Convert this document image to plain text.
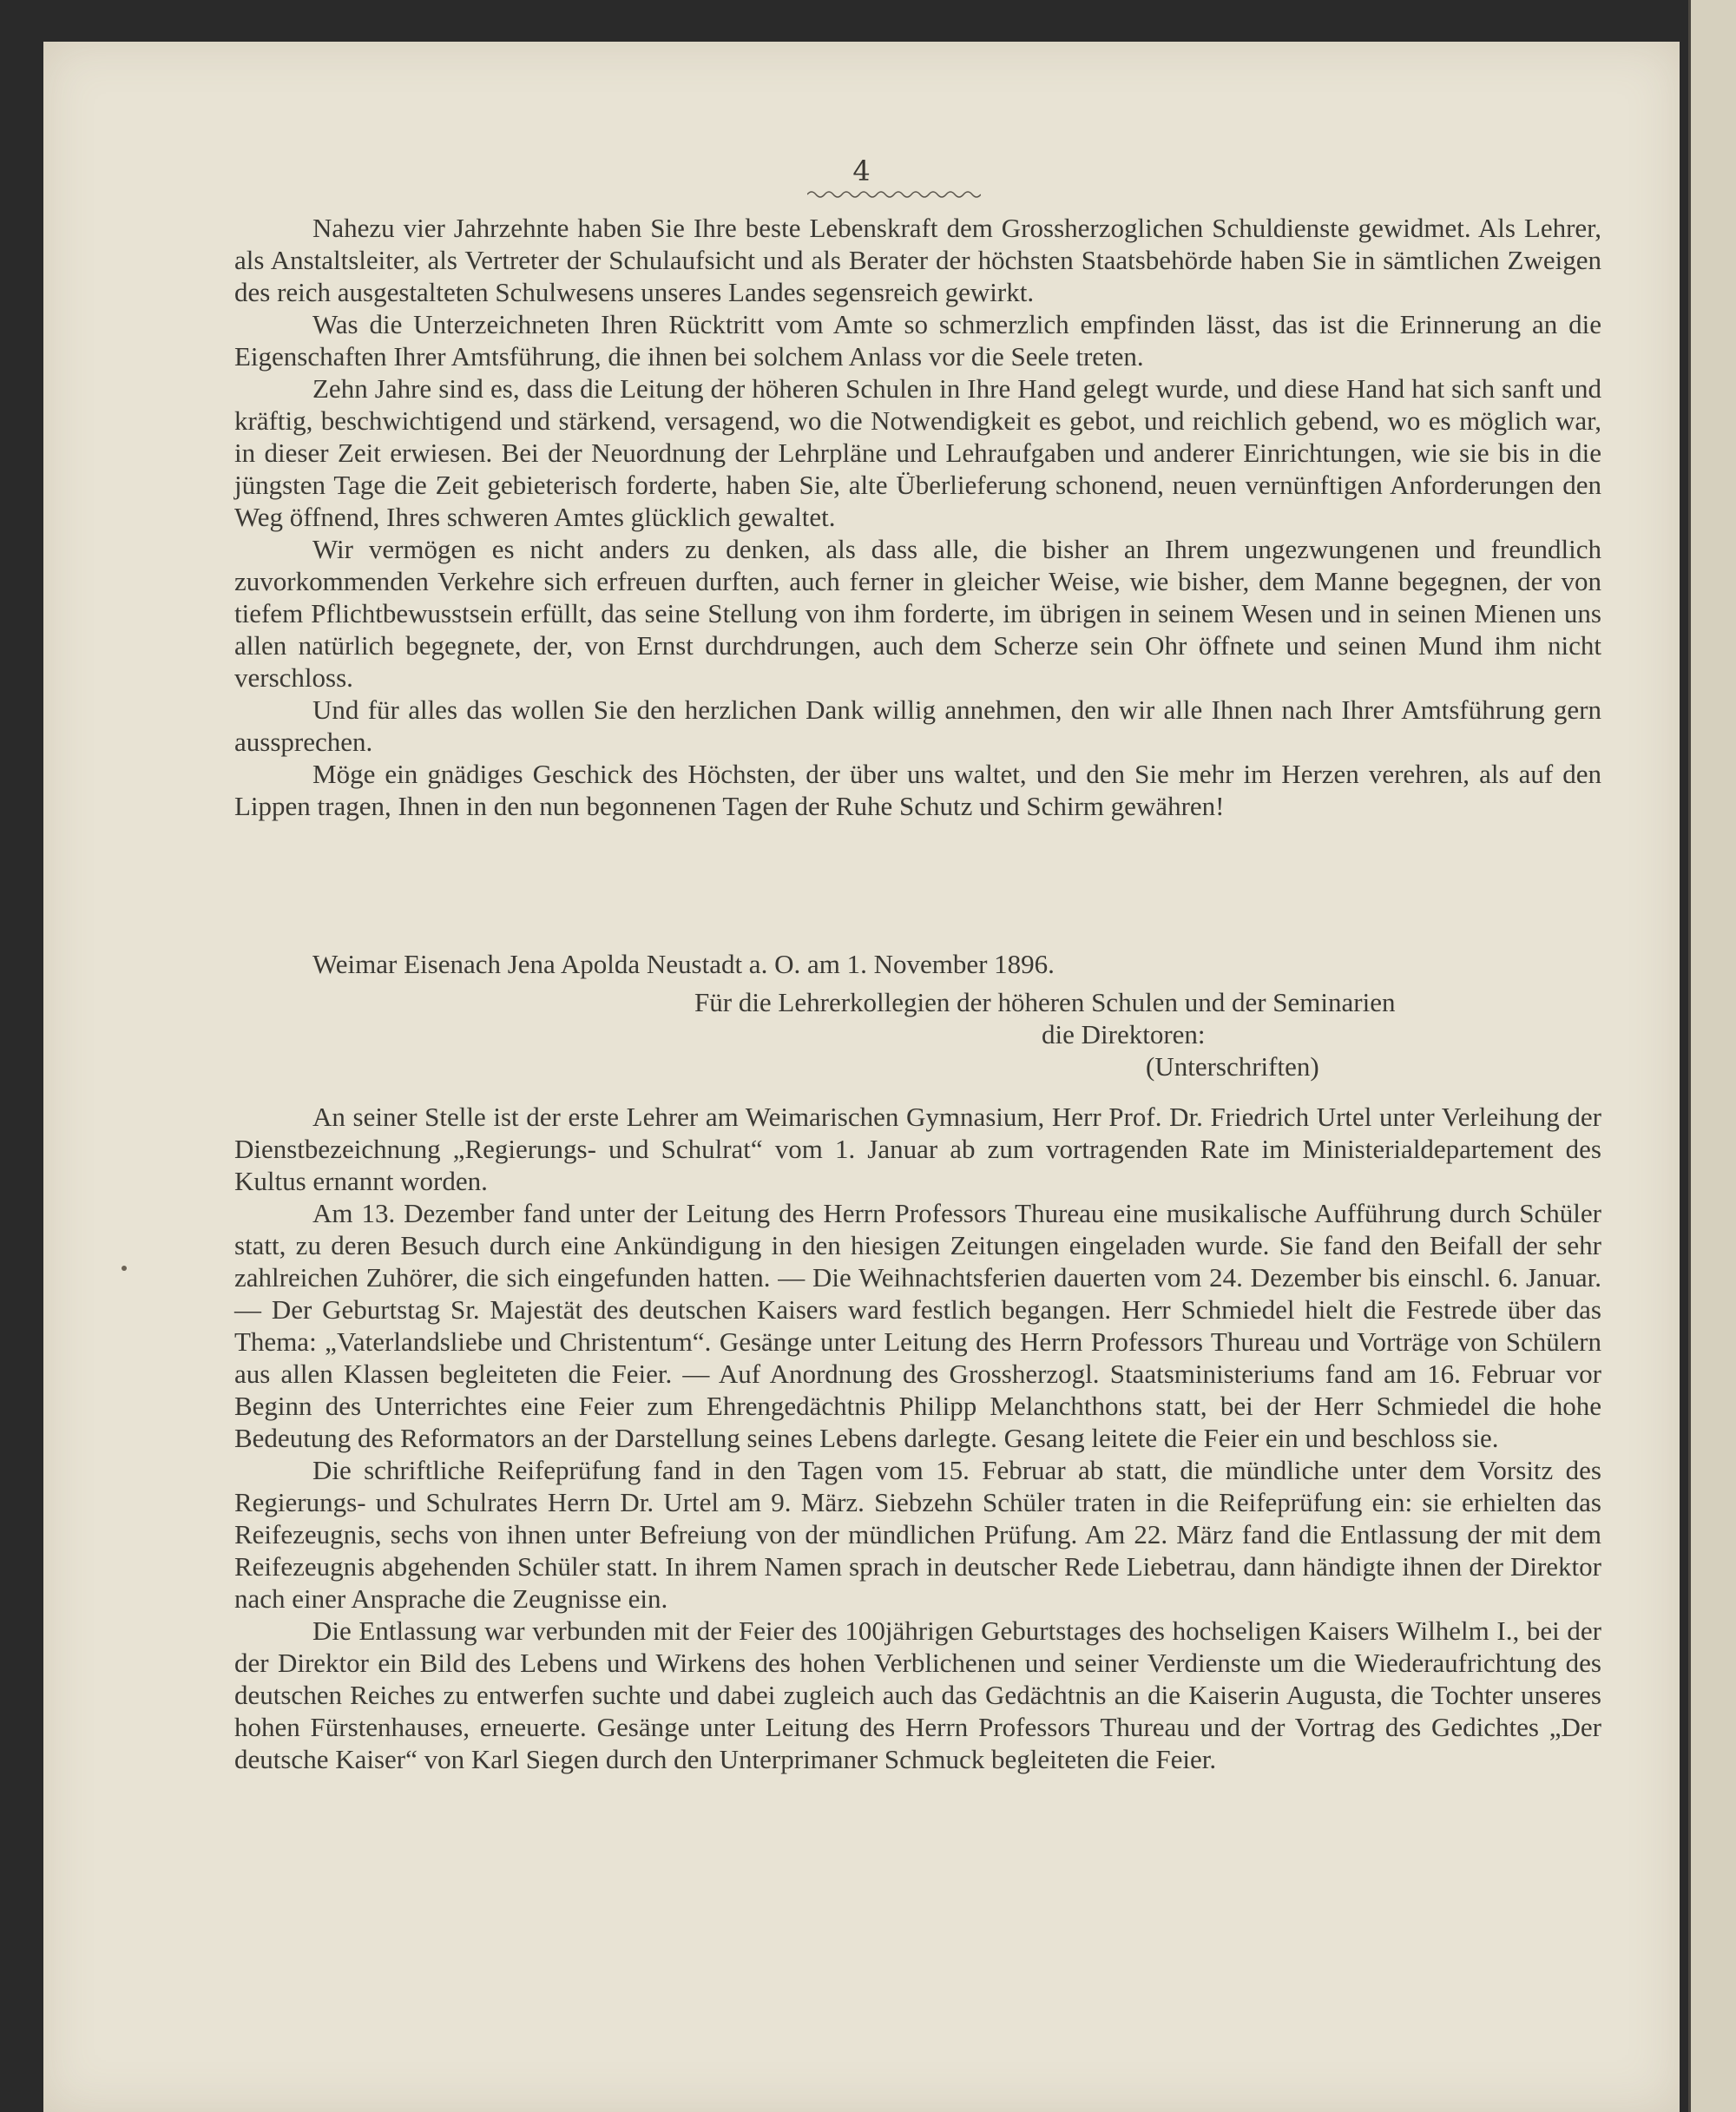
4

Nahezu vier Jahrzehnte haben Sie Ihre beste Lebenskraft dem Grossherzoglichen Schuldienste gewidmet. Als Lehrer, als Anstaltsleiter, als Vertreter der Schulaufsicht und als Berater der höchsten Staatsbehörde haben Sie in sämtlichen Zweigen des reich ausgestalteten Schulwesens unseres Landes segensreich gewirkt.

Was die Unterzeichneten Ihren Rücktritt vom Amte so schmerzlich empfinden lässt, das ist die Erinnerung an die Eigenschaften Ihrer Amtsführung, die ihnen bei solchem Anlass vor die Seele treten.

Zehn Jahre sind es, dass die Leitung der höheren Schulen in Ihre Hand gelegt wurde, und diese Hand hat sich sanft und kräftig, beschwichtigend und stärkend, versagend, wo die Notwendigkeit es gebot, und reichlich gebend, wo es möglich war, in dieser Zeit erwiesen. Bei der Neuordnung der Lehrpläne und Lehraufgaben und anderer Einrichtungen, wie sie bis in die jüngsten Tage die Zeit gebieterisch forderte, haben Sie, alte Überlieferung schonend, neuen vernünftigen Anforderungen den Weg öffnend, Ihres schweren Amtes glücklich gewaltet.

Wir vermögen es nicht anders zu denken, als dass alle, die bisher an Ihrem ungezwungenen und freundlich zuvorkommenden Verkehre sich erfreuen durften, auch ferner in gleicher Weise, wie bisher, dem Manne begegnen, der von tiefem Pflichtbewusstsein erfüllt, das seine Stellung von ihm forderte, im übrigen in seinem Wesen und in seinen Mienen uns allen natürlich begegnete, der, von Ernst durchdrungen, auch dem Scherze sein Ohr öffnete und seinen Mund ihm nicht verschloss.

Und für alles das wollen Sie den herzlichen Dank willig annehmen, den wir alle Ihnen nach Ihrer Amtsführung gern aussprechen.

Möge ein gnädiges Geschick des Höchsten, der über uns waltet, und den Sie mehr im Herzen verehren, als auf den Lippen tragen, Ihnen in den nun begonnenen Tagen der Ruhe Schutz und Schirm gewähren!

Weimar Eisenach Jena Apolda Neustadt a. O. am 1. November 1896.
Für die Lehrerkollegien der höheren Schulen und der Seminarien
die Direktoren:
(Unterschriften)

An seiner Stelle ist der erste Lehrer am Weimarischen Gymnasium, Herr Prof. Dr. Friedrich Urtel unter Verleihung der Dienstbezeichnung „Regierungs- und Schulrat“ vom 1. Januar ab zum vortragenden Rate im Ministerialdepartement des Kultus ernannt worden.

Am 13. Dezember fand unter der Leitung des Herrn Professors Thureau eine musikalische Aufführung durch Schüler statt, zu deren Besuch durch eine Ankündigung in den hiesigen Zeitungen eingeladen wurde. Sie fand den Beifall der sehr zahlreichen Zuhörer, die sich eingefunden hatten. — Die Weihnachtsferien dauerten vom 24. Dezember bis einschl. 6. Januar. — Der Geburtstag Sr. Majestät des deutschen Kaisers ward festlich begangen. Herr Schmiedel hielt die Festrede über das Thema: „Vaterlandsliebe und Christentum“. Gesänge unter Leitung des Herrn Professors Thureau und Vorträge von Schülern aus allen Klassen begleiteten die Feier. — Auf Anordnung des Grossherzogl. Staatsministeriums fand am 16. Februar vor Beginn des Unterrichtes eine Feier zum Ehrengedächtnis Philipp Melanchthons statt, bei der Herr Schmiedel die hohe Bedeutung des Reformators an der Darstellung seines Lebens darlegte. Gesang leitete die Feier ein und beschloss sie.

Die schriftliche Reifeprüfung fand in den Tagen vom 15. Februar ab statt, die mündliche unter dem Vorsitz des Regierungs- und Schulrates Herrn Dr. Urtel am 9. März. Siebzehn Schüler traten in die Reifeprüfung ein: sie erhielten das Reifezeugnis, sechs von ihnen unter Befreiung von der mündlichen Prüfung. Am 22. März fand die Entlassung der mit dem Reifezeugnis abgehenden Schüler statt. In ihrem Namen sprach in deutscher Rede Liebetrau, dann händigte ihnen der Direktor nach einer Ansprache die Zeugnisse ein.

Die Entlassung war verbunden mit der Feier des 100jährigen Geburtstages des hochseligen Kaisers Wilhelm I., bei der der Direktor ein Bild des Lebens und Wirkens des hohen Verblichenen und seiner Verdienste um die Wiederaufrichtung des deutschen Reiches zu entwerfen suchte und dabei zugleich auch das Gedächtnis an die Kaiserin Augusta, die Tochter unseres hohen Fürstenhauses, erneuerte. Gesänge unter Leitung des Herrn Professors Thureau und der Vortrag des Gedichtes „Der deutsche Kaiser“ von Karl Siegen durch den Unterprimaner Schmuck begleiteten die Feier.
